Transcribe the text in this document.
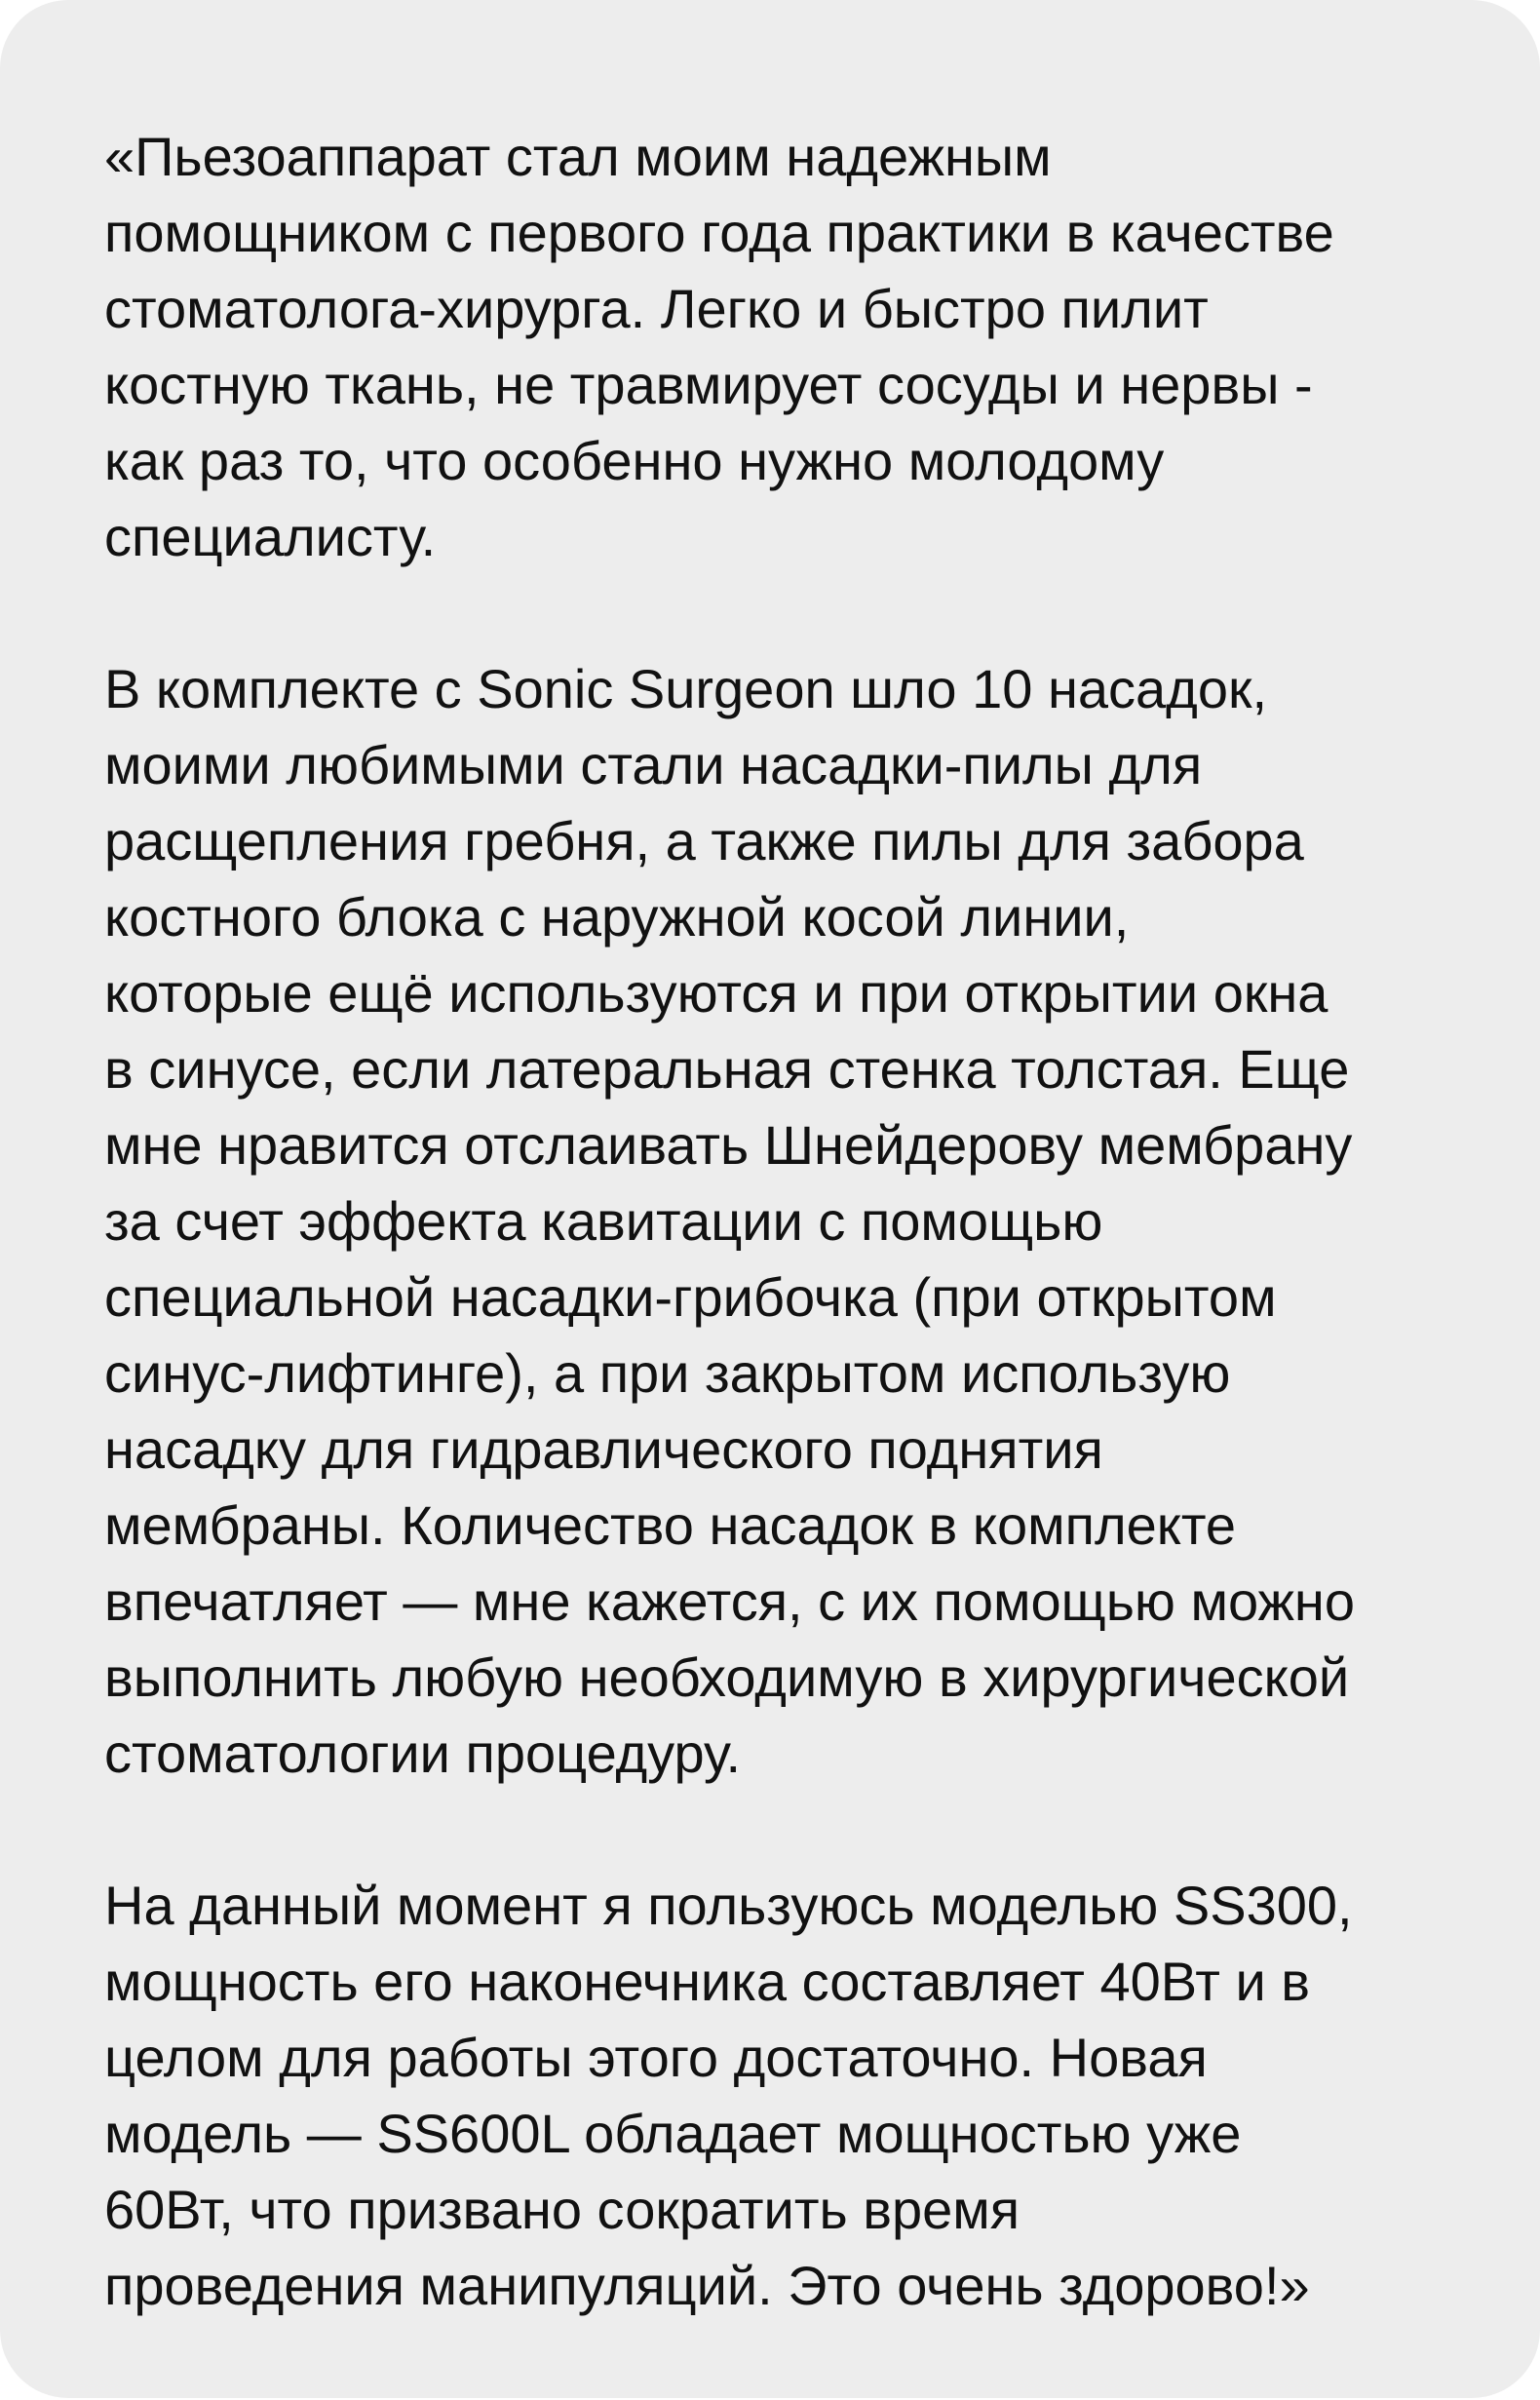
«Пьезоаппарат стал моим надежным
помощником с первого года практики в качестве
стоматолога-хирурга. Легко и быстро пилит
костную ткань, не травмирует сосуды и нервы -
как раз то, что особенно нужно молодому
специалисту.

В комплекте с Sonic Surgeon шло 10 насадок,
моими любимыми стали насадки-пилы для
расщепления гребня, а также пилы для забора
костного блока с наружной косой линии,
которые ещё используются и при открытии окна
в синусе, если латеральная стенка толстая. Еще
мне нравится отслаивать Шнейдерову мембрану
за счет эффекта кавитации с помощью
специальной насадки-грибочка (при открытом
синус-лифтинге), а при закрытом использую
насадку для гидравлического поднятия
мембраны. Количество насадок в комплекте
впечатляет — мне кажется, с их помощью можно
выполнить любую необходимую в хирургической
стоматологии процедуру.

На данный момент я пользуюсь моделью SS300,
мощность его наконечника составляет 40Вт и в
целом для работы этого достаточно. Новая
модель — SS600L обладает мощностью уже
60Вт, что призвано сократить время
проведения манипуляций. Это очень здорово!»
